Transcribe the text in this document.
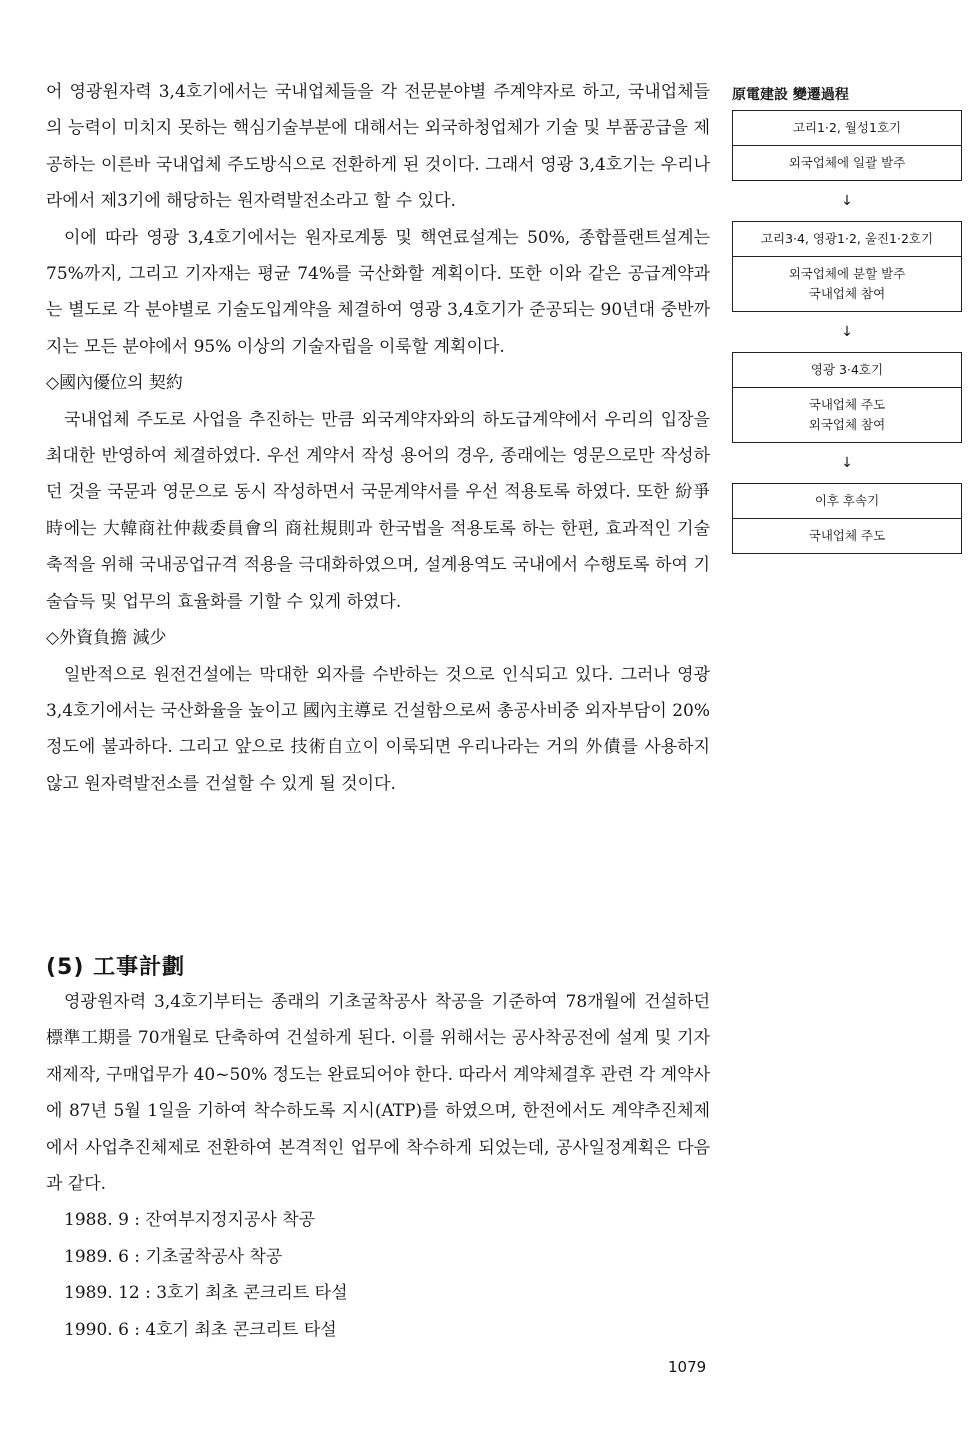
어 영광원자력 3,4호기에서는 국내업체들을 각 전문분야별 주계약자로 하고, 국내업체들의 능력이 미치지 못하는 핵심기술부분에 대해서는 외국하청업체가 기술 및 부품공급을 제공하는 이른바 국내업체 주도방식으로 전환하게 된 것이다. 그래서 영광 3,4호기는 우리나라에서 제3기에 해당하는 원자력발전소라고 할 수 있다.

이에 따라 영광 3,4호기에서는 원자로계통 및 핵연료설계는 50%, 종합플랜트설계는 75%까지, 그리고 기자재는 평균 74%를 국산화할 계획이다. 또한 이와 같은 공급계약과는 별도로 각 분야별로 기술도입계약을 체결하여 영광 3,4호기가 준공되는 90년대 중반까지는 모든 분야에서 95% 이상의 기술자립을 이룩할 계획이다.

◇國內優位의 契約

국내업체 주도로 사업을 추진하는 만큼 외국계약자와의 하도급계약에서 우리의 입장을 최대한 반영하여 체결하였다. 우선 계약서 작성 용어의 경우, 종래에는 영문으로만 작성하던 것을 국문과 영문으로 동시 작성하면서 국문계약서를 우선 적용토록 하였다. 또한 紛爭時에는 大韓商社仲裁委員會의 商社規則과 한국법을 적용토록 하는 한편, 효과적인 기술축적을 위해 국내공업규격 적용을 극대화하였으며, 설계용역도 국내에서 수행토록 하여 기술습득 및 업무의 효율화를 기할 수 있게 하였다.

◇外資負擔 減少

일반적으로 원전건설에는 막대한 외자를 수반하는 것으로 인식되고 있다. 그러나 영광 3,4호기에서는 국산화율을 높이고 國內主導로 건설함으로써 총공사비중 외자부담이 20%정도에 불과하다. 그리고 앞으로 技術自立이 이룩되면 우리나라는 거의 外債를 사용하지 않고 원자력발전소를 건설할 수 있게 될 것이다.

(5) 工事計劃

영광원자력 3,4호기부터는 종래의 기초굴착공사 착공을 기준하여 78개월에 건설하던 標準工期를 70개월로 단축하여 건설하게 된다. 이를 위해서는 공사착공전에 설계 및 기자재제작, 구매업무가 40~50% 정도는 완료되어야 한다. 따라서 계약체결후 관련 각 계약사에 87년 5월 1일을 기하여 착수하도록 지시(ATP)를 하였으며, 한전에서도 계약추진체제에서 사업추진체제로 전환하여 본격적인 업무에 착수하게 되었는데, 공사일정계획은 다음과 같다.

1988. 9 : 잔여부지정지공사 착공

1989. 6 : 기초굴착공사 착공

1989. 12 : 3호기 최초 콘크리트 타설

1990. 6 : 4호기 최초 콘크리트 타설

原電建設 變遷過程
고리1·2, 월성1호기
외국업체에 일괄 발주
↓
고리3·4, 영광1·2, 울진1·2호기
외국업체에 분할 발주
국내업체 참여
↓
영광 3·4호기
국내업체 주도
외국업체 참여
↓
이후 후속기
국내업체 주도
1079
